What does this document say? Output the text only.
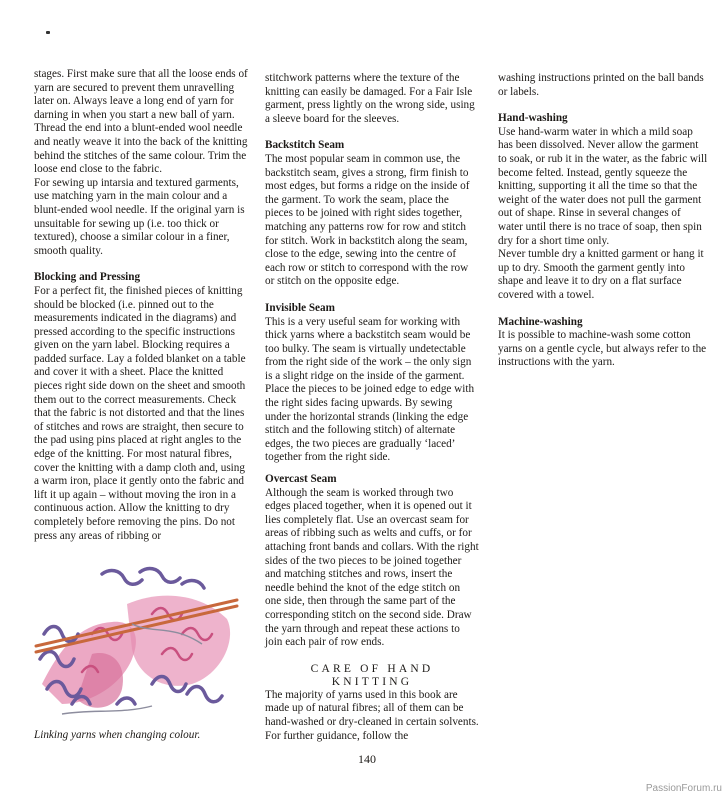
stages. First make sure that all the loose ends of yarn are secured to prevent them unravelling later on. Always leave a long end of yarn for darning in when you start a new ball of yarn. Thread the end into a blunt-ended wool needle and neatly weave it into the back of the knitting behind the stitches of the same colour. Trim the loose end close to the fabric.

For sewing up intarsia and textured garments, use matching yarn in the main colour and a blunt-ended wool needle. If the original yarn is unsuitable for sewing up (i.e. too thick or textured), choose a similar colour in a finer, smooth quality.

Blocking and Pressing

For a perfect fit, the finished pieces of knitting should be blocked (i.e. pinned out to the measurements indicated in the diagrams) and pressed according to the specific instructions given on the yarn label. Blocking requires a padded surface. Lay a folded blanket on a table and cover it with a sheet. Place the knitted pieces right side down on the sheet and smooth them out to the correct measurements. Check that the fabric is not distorted and that the lines of stitches and rows are straight, then secure to the pad using pins placed at right angles to the edge of the knitting. For most natural fibres, cover the knitting with a damp cloth and, using a warm iron, place it gently onto the fabric and lift it up again – without moving the iron in a continuous action. Allow the knitting to dry completely before removing the pins. Do not press any areas of ribbing or

stitchwork patterns where the texture of the knitting can easily be damaged. For a Fair Isle garment, press lightly on the wrong side, using a sleeve board for the sleeves.

Backstitch Seam

The most popular seam in common use, the backstitch seam, gives a strong, firm finish to most edges, but forms a ridge on the inside of the garment. To work the seam, place the pieces to be joined with right sides together, matching any patterns row for row and stitch for stitch. Work in backstitch along the seam, close to the edge, sewing into the centre of each row or stitch to correspond with the row or stitch on the opposite edge.

Invisible Seam

This is a very useful seam for working with thick yarns where a backstitch seam would be too bulky. The seam is virtually undetectable from the right side of the work – the only sign is a slight ridge on the inside of the garment. Place the pieces to be joined edge to edge with the right sides facing upwards. By sewing under the horizontal strands (linking the edge stitch and the following stitch) of alternate edges, the two pieces are gradually ‘laced’ together from the right side.

Overcast Seam

Although the seam is worked through two edges placed together, when it is opened out it lies completely flat. Use an overcast seam for areas of ribbing such as welts and cuffs, or for attaching front bands and collars. With the right sides of the two pieces to be joined together and matching stitches and rows, insert the needle behind the knot of the edge stitch on one side, then through the same part of the corresponding stitch on the second side. Draw the yarn through and repeat these actions to join each pair of row ends.

CARE OF HAND

KNITTING

The majority of yarns used in this book are made up of natural fibres; all of them can be hand-washed or dry-cleaned in certain solvents. For further guidance, follow the

washing instructions printed on the ball bands or labels.

Hand-washing

Use hand-warm water in which a mild soap has been dissolved. Never allow the garment to soak, or rub it in the water, as the fabric will become felted. Instead, gently squeeze the knitting, supporting it all the time so that the weight of the water does not pull the garment out of shape. Rinse in several changes of water until there is no trace of soap, then spin dry for a short time only.

Never tumble dry a knitted garment or hang it up to dry. Smooth the garment gently into shape and leave it to dry on a flat surface covered with a towel.

Machine-washing

It is possible to machine-wash some cotton yarns on a gentle cycle, but always refer to the instructions with the yarn.

Linking yarns when changing colour.
140
PassionForum.ru
